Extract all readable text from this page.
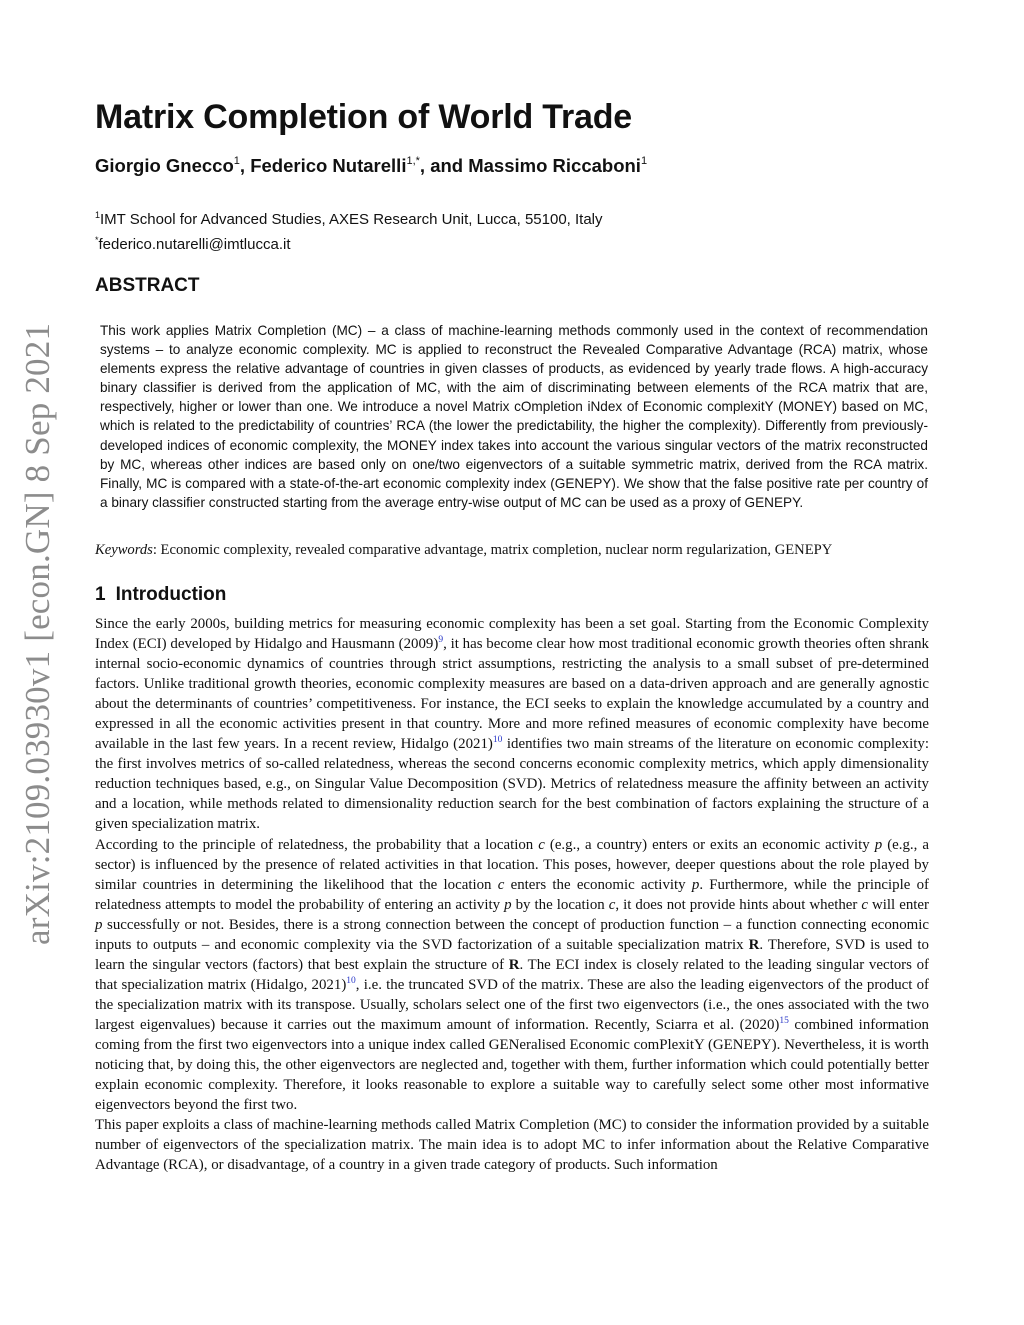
arXiv:2109.03930v1 [econ.GN] 8 Sep 2021
Matrix Completion of World Trade
Giorgio Gnecco$^1$, Federico Nutarelli$^{1,*}$, and Massimo Riccaboni$^1$
$^1$IMT School for Advanced Studies, AXES Research Unit, Lucca, 55100, Italy
*federico.nutarelli@imtlucca.it
ABSTRACT

This work applies Matrix Completion (MC) – a class of machine-learning methods commonly used in the context of recommendation systems – to analyze economic complexity. MC is applied to reconstruct the Revealed Comparative Advantage (RCA) matrix, whose elements express the relative advantage of countries in given classes of products, as evidenced by yearly trade flows. A high-accuracy binary classifier is derived from the application of MC, with the aim of discriminating between elements of the RCA matrix that are, respectively, higher or lower than one. We introduce a novel Matrix cOmpletion iNdex of Economic complexitY (MONEY) based on MC, which is related to the predictability of countries’ RCA (the lower the predictability, the higher the complexity). Differently from previously-developed indices of economic complexity, the MONEY index takes into account the various singular vectors of the matrix reconstructed by MC, whereas other indices are based only on one/two eigenvectors of a suitable symmetric matrix, derived from the RCA matrix. Finally, MC is compared with a state-of-the-art economic complexity index (GENEPY). We show that the false positive rate per country of a binary classifier constructed starting from the average entry-wise output of MC can be used as a proxy of GENEPY.

Keywords: Economic complexity, revealed comparative advantage, matrix completion, nuclear norm regularization, GENEPY

1 Introduction

Since the early 2000s, building metrics for measuring economic complexity has been a set goal. Starting from the Economic Complexity Index (ECI) developed by Hidalgo and Hausmann (2009)$^9$, it has become clear how most traditional economic growth theories often shrank internal socio-economic dynamics of countries through strict assumptions, restricting the analysis to a small subset of pre-determined factors. Unlike traditional growth theories, economic complexity measures are based on a data-driven approach and are generally agnostic about the determinants of countries’ competitiveness. For instance, the ECI seeks to explain the knowledge accumulated by a country and expressed in all the economic activities present in that country. More and more refined measures of economic complexity have become available in the last few years. In a recent review, Hidalgo (2021)$^{10}$ identifies two main streams of the literature on economic complexity: the first involves metrics of so-called relatedness, whereas the second concerns economic complexity metrics, which apply dimensionality reduction techniques based, e.g., on Singular Value Decomposition (SVD). Metrics of relatedness measure the affinity between an activity and a location, while methods related to dimensionality reduction search for the best combination of factors explaining the structure of a given specialization matrix.

According to the principle of relatedness, the probability that a location c (e.g., a country) enters or exits an economic activity p (e.g., a sector) is influenced by the presence of related activities in that location. This poses, however, deeper questions about the role played by similar countries in determining the likelihood that the location c enters the economic activity p. Furthermore, while the principle of relatedness attempts to model the probability of entering an activity p by the location c, it does not provide hints about whether c will enter p successfully or not. Besides, there is a strong connection between the concept of production function – a function connecting economic inputs to outputs – and economic complexity via the SVD factorization of a suitable specialization matrix R. Therefore, SVD is used to learn the singular vectors (factors) that best explain the structure of R. The ECI index is closely related to the leading singular vectors of that specialization matrix (Hidalgo, 2021)$^{10}$, i.e. the truncated SVD of the matrix. These are also the leading eigenvectors of the product of the specialization matrix with its transpose. Usually, scholars select one of the first two eigenvectors (i.e., the ones associated with the two largest eigenvalues) because it carries out the maximum amount of information. Recently, Sciarra et al. (2020)$^{15}$ combined information coming from the first two eigenvectors into a unique index called GENeralised Economic comPlexitY (GENEPY). Nevertheless, it is worth noticing that, by doing this, the other eigenvectors are neglected and, together with them, further information which could potentially better explain economic complexity. Therefore, it looks reasonable to explore a suitable way to carefully select some other most informative eigenvectors beyond the first two.

This paper exploits a class of machine-learning methods called Matrix Completion (MC) to consider the information provided by a suitable number of eigenvectors of the specialization matrix. The main idea is to adopt MC to infer information about the Relative Comparative Advantage (RCA), or disadvantage, of a country in a given trade category of products. Such information
